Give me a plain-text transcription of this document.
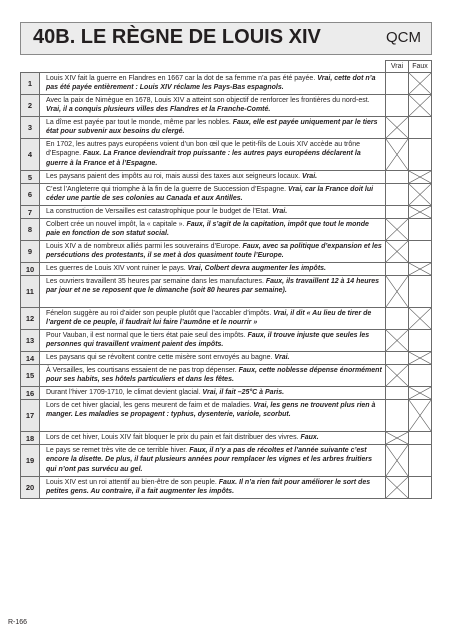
40B. LE RÈGNE DE LOUIS XIV	QCM
		Vrai	Faux
1	Louis XIV fait la guerre en Flandres en 1667 car la dot de sa femme n’a pas été payée. Vrai, cette dot n’a pas été payée entièrement : Louis XIV réclame les Pays-Bas espagnols.		

2	Avec la paix de Nimègue en 1678, Louis XIV a atteint son objectif de renforcer les frontières du nord-est. Vrai, il a conquis plusieurs villes des Flandres et la Franche-Comté.		

3	La dîme est payée par tout le monde, même par les nobles. Faux, elle est payée uniquement par le tiers état pour subvenir aux besoins du clergé.	

4	En 1702, les autres pays européens voient d’un bon œil que le petit-fils de Louis XIV accède au trône d’Espagne. Faux. La France deviendrait trop puissante : les autres pays européens déclarent la guerre à la France et à l’Espagne.	

5	Les paysans paient des impôts au roi, mais aussi des taxes aux seigneurs locaux. Vrai.		

6	C’est l’Angleterre qui triomphe à la fin de la guerre de Succession d’Espagne. Vrai, car la France doit lui céder une partie de ses colonies au Canada et aux Antilles.		

7	La construction de Versailles est catastrophique pour le budget de l’Etat. Vrai.		

8	Colbert crée un nouvel impôt, la « capitale ». Faux, il s’agit de la capitation, impôt que tout le monde paie en fonction de son statut social.	

9	Louis XIV a de nombreux alliés parmi les souverains d’Europe. Faux, avec sa politique d’expansion et les persécutions des protestants, il se met à dos quasiment toute l’Europe.	

10	Les guerres de Louis XIV vont ruiner le pays. Vrai, Colbert devra augmenter les impôts.		

11	Les ouvriers travaillent 35 heures par semaine dans les manufactures. Faux, ils travaillent 12 à 14 heures par jour et ne se reposent que le dimanche (soit 80 heures par semaine).	

12	Fénelon suggère au roi d’aider son peuple plutôt que l’accabler d’impôts. Vrai, il dit « Au lieu de tirer de l’argent de ce peuple, il faudrait lui faire l’aumône et le nourrir »		

13	Pour Vauban, il est normal que le tiers état paie seul des impôts. Faux, il trouve injuste que seules les personnes qui travaillent vraiment paient des impôts.	

14	Les paysans qui se révoltent contre cette misère sont envoyés au bagne. Vrai.		

15	À Versailles, les courtisans essaient de ne pas trop dépenser. Faux, cette noblesse dépense énormément pour ses habits, ses hôtels particuliers et dans les fêtes.	

16	Durant l’hiver 1709-1710, le climat devient glacial. Vrai, il fait –25°C à Paris.		

17	Lors de cet hiver glacial, les gens meurent de faim et de maladies. Vrai, les gens ne trouvent plus rien à manger. Les maladies se propagent : typhus, dysenterie, variole, scorbut.		

18	Lors de cet hiver, Louis XIV fait bloquer le prix du pain et fait distribuer des vivres. Faux.	

19	Le pays se remet très vite de ce terrible hiver. Faux, il n’y a pas de récoltes et l’année suivante c’est encore la disette. De plus, il faut plusieurs années pour remplacer les vignes et les arbres fruitiers qui n’ont pas survécu au gel.	

20	Louis XIV est un roi attentif au bien-être de son peuple. Faux. Il n’a rien fait pour améliorer le sort des petites gens. Au contraire, il a fait augmenter les impôts.	

R-166
